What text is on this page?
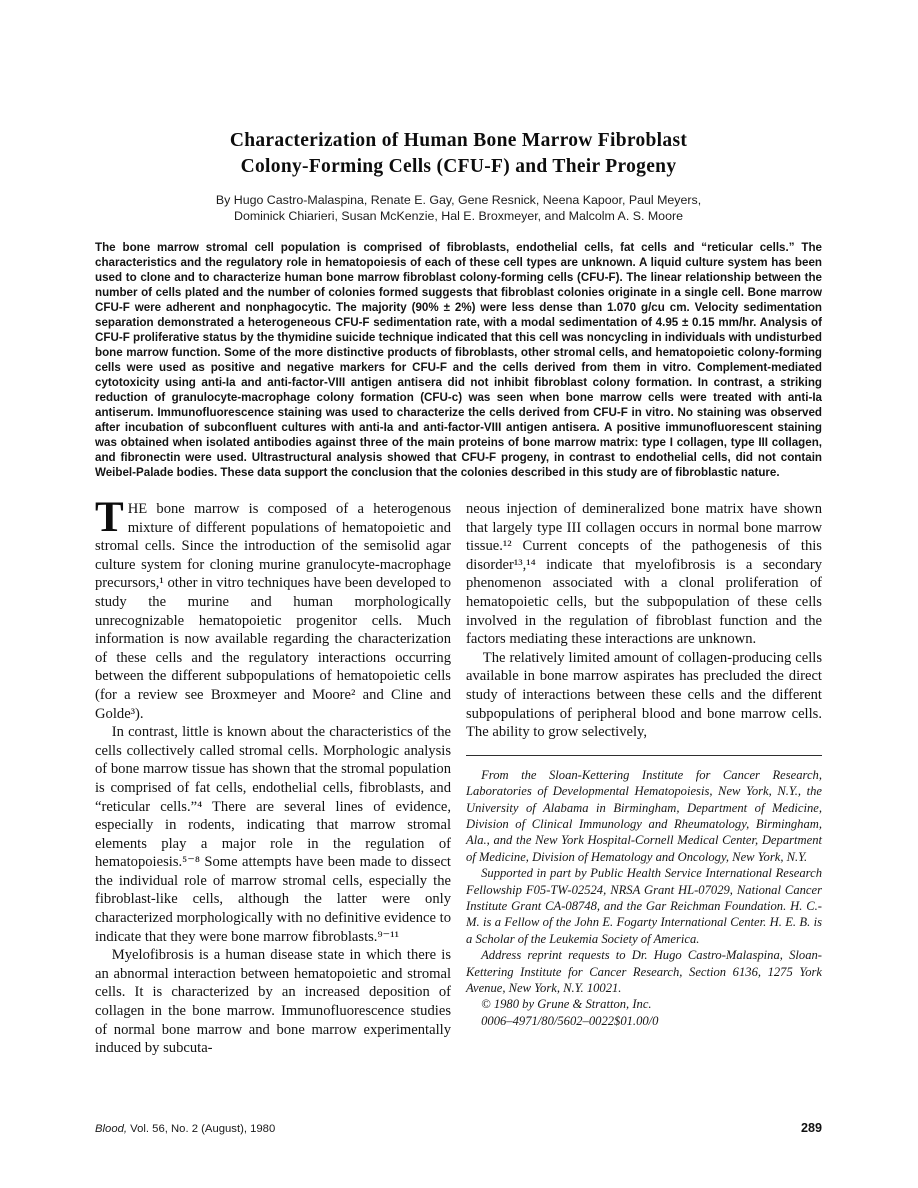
Characterization of Human Bone Marrow Fibroblast
Colony-Forming Cells (CFU-F) and Their Progeny
By Hugo Castro-Malaspina, Renate E. Gay, Gene Resnick, Neena Kapoor, Paul Meyers,
Dominick Chiarieri, Susan McKenzie, Hal E. Broxmeyer, and Malcolm A. S. Moore

The bone marrow stromal cell population is comprised of fibroblasts, endothelial cells, fat cells and “reticular cells.” The characteristics and the regulatory role in hematopoiesis of each of these cell types are unknown. A liquid culture system has been used to clone and to characterize human bone marrow fibroblast colony-forming cells (CFU-F). The linear relationship between the number of cells plated and the number of colonies formed suggests that fibroblast colonies originate in a single cell. Bone marrow CFU-F were adherent and nonphagocytic. The majority (90% ± 2%) were less dense than 1.070 g/cu cm. Velocity sedimentation separation demonstrated a heterogeneous CFU-F sedimentation rate, with a modal sedimentation of 4.95 ± 0.15 mm/hr. Analysis of CFU-F proliferative status by the thymidine suicide technique indicated that this cell was noncycling in individuals with undisturbed bone marrow function. Some of the more distinctive products of fibroblasts, other stromal cells, and hematopoietic colony-forming cells were used as positive and negative markers for CFU-F and the cells derived from them in vitro. Complement-mediated cytotoxicity using anti-Ia and anti-factor-VIII antigen antisera did not inhibit fibroblast colony formation. In contrast, a striking reduction of granulocyte-macrophage colony formation (CFU-c) was seen when bone marrow cells were treated with anti-Ia antiserum. Immunofluorescence staining was used to characterize the cells derived from CFU-F in vitro. No staining was observed after incubation of subconfluent cultures with anti-Ia and anti-factor-VIII antigen antisera. A positive immunofluorescent staining was obtained when isolated antibodies against three of the main proteins of bone marrow matrix: type I collagen, type III collagen, and fibronectin were used. Ultrastructural analysis showed that CFU-F progeny, in contrast to endothelial cells, did not contain Weibel-Palade bodies. These data support the conclusion that the colonies described in this study are of fibroblastic nature.

THE bone marrow is composed of a heterogenous mixture of different populations of hematopoietic and stromal cells. Since the introduction of the semisolid agar culture system for cloning murine granulocyte-macrophage precursors,¹ other in vitro techniques have been developed to study the murine and human morphologically unrecognizable hematopoietic progenitor cells. Much information is now available regarding the characterization of these cells and the regulatory interactions occurring between the different subpopulations of hematopoietic cells (for a review see Broxmeyer and Moore² and Cline and Golde³).

In contrast, little is known about the characteristics of the cells collectively called stromal cells. Morphologic analysis of bone marrow tissue has shown that the stromal population is comprised of fat cells, endothelial cells, fibroblasts, and “reticular cells.”⁴ There are several lines of evidence, especially in rodents, indicating that marrow stromal elements play a major role in the regulation of hematopoiesis.⁵⁻⁸ Some attempts have been made to dissect the individual role of marrow stromal cells, especially the fibroblast-like cells, although the latter were only characterized morphologically with no definitive evidence to indicate that they were bone marrow fibroblasts.⁹⁻¹¹

Myelofibrosis is a human disease state in which there is an abnormal interaction between hematopoietic and stromal cells. It is characterized by an increased deposition of collagen in the bone marrow. Immunofluorescence studies of normal bone marrow and bone marrow experimentally induced by subcuta-

neous injection of demineralized bone matrix have shown that largely type III collagen occurs in normal bone marrow tissue.¹² Current concepts of the pathogenesis of this disorder¹³,¹⁴ indicate that myelofibrosis is a secondary phenomenon associated with a clonal proliferation of hematopoietic cells, but the subpopulation of these cells involved in the regulation of fibroblast function and the factors mediating these interactions are unknown.

The relatively limited amount of collagen-producing cells available in bone marrow aspirates has precluded the direct study of interactions between these cells and the different subpopulations of peripheral blood and bone marrow cells. The ability to grow selectively,

From the Sloan-Kettering Institute for Cancer Research, Laboratories of Developmental Hematopoiesis, New York, N.Y., the University of Alabama in Birmingham, Department of Medicine, Division of Clinical Immunology and Rheumatology, Birmingham, Ala., and the New York Hospital-Cornell Medical Center, Department of Medicine, Division of Hematology and Oncology, New York, N.Y.

Supported in part by Public Health Service International Research Fellowship F05-TW-02524, NRSA Grant HL-07029, National Cancer Institute Grant CA-08748, and the Gar Reichman Foundation. H. C.-M. is a Fellow of the John E. Fogarty International Center. H. E. B. is a Scholar of the Leukemia Society of America.

Address reprint requests to Dr. Hugo Castro-Malaspina, Sloan-Kettering Institute for Cancer Research, Section 6136, 1275 York Avenue, New York, N.Y. 10021.

© 1980 by Grune & Stratton, Inc.

0006–4971/80/5602–0022$01.00/0

Blood, Vol. 56, No. 2 (August), 1980	289
